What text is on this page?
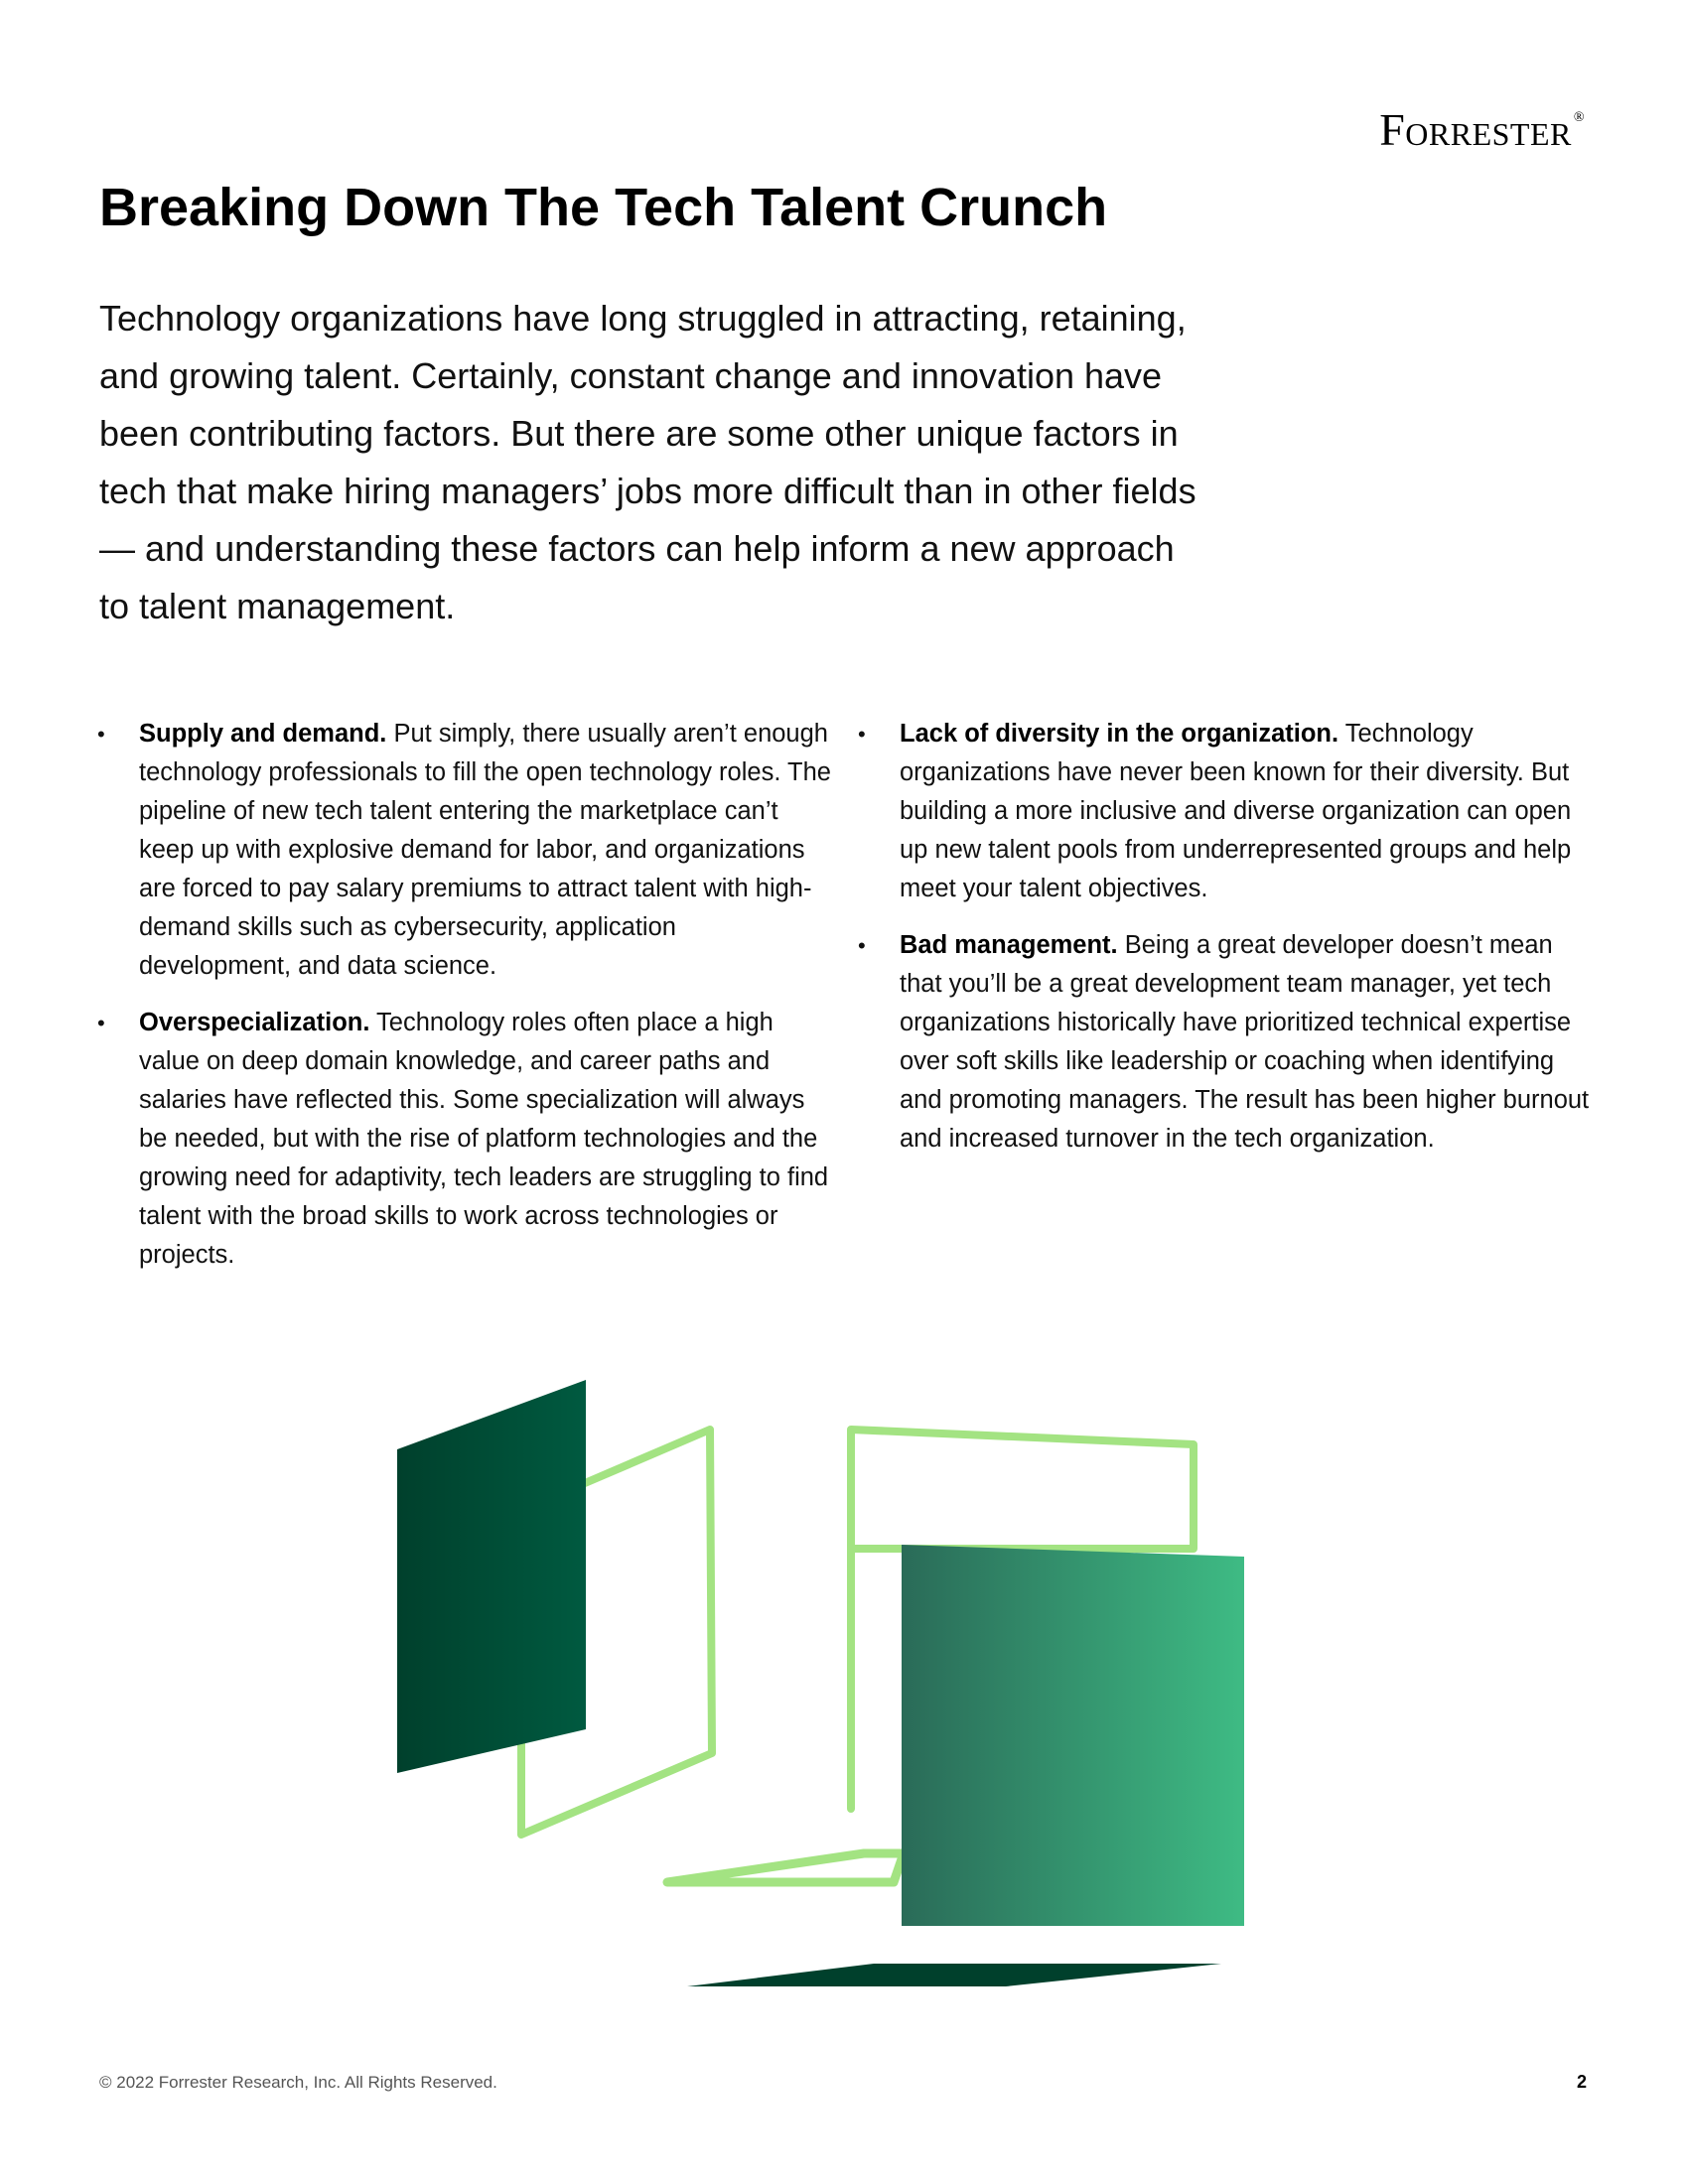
Forrester ®
Breaking Down The Tech Talent Crunch

Technology organizations have long struggled in attracting, retaining, and growing talent. Certainly, constant change and innovation have been contributing factors. But there are some other unique factors in tech that make hiring managers’ jobs more difficult than in other fields — and understanding these factors can help inform a new approach to talent management.

• Supply and demand. Put simply, there usually aren’t enough technology professionals to fill the open technology roles. The pipeline of new tech talent entering the marketplace can’t keep up with explosive demand for labor, and organizations are forced to pay salary premiums to attract talent with high-demand skills such as cybersecurity, application development, and data science.
• Overspecialization. Technology roles often place a high value on deep domain knowledge, and career paths and salaries have reflected this. Some specialization will always be needed, but with the rise of platform technologies and the growing need for adaptivity, tech leaders are struggling to find talent with the broad skills to work across technologies or projects.
• Lack of diversity in the organization. Technology organizations have never been known for their diversity. But building a more inclusive and diverse organization can open up new talent pools from underrepresented groups and help meet your talent objectives.
• Bad management. Being a great developer doesn’t mean that you’ll be a great development team manager, yet tech organizations historically have prioritized technical expertise over soft skills like leadership or coaching when identifying and promoting managers. The result has been higher burnout and increased turnover in the tech organization.
© 2022 Forrester Research, Inc. All Rights Reserved.	2
